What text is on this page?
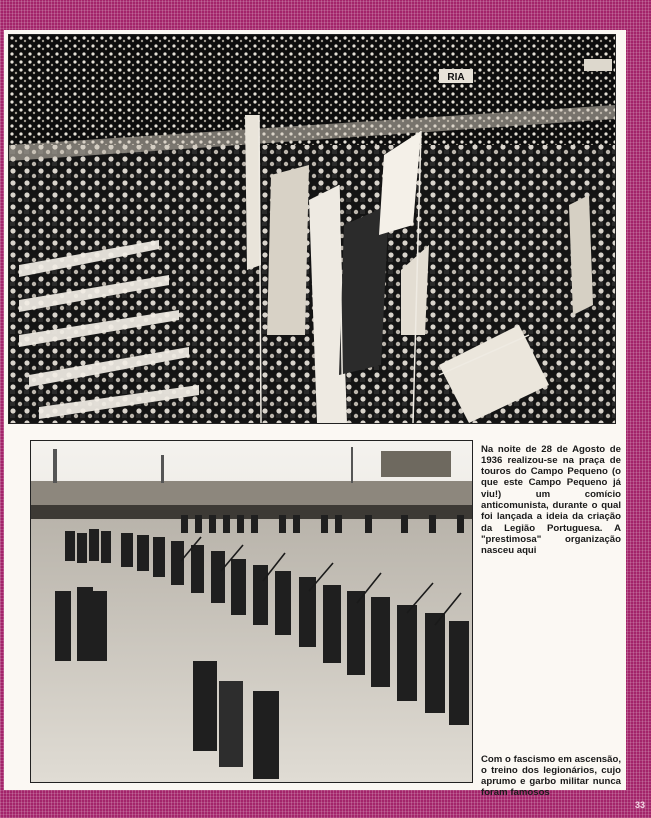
RIA

Na noite de 28 de Agosto de 1936 realizou-se na praça de touros do Campo Pequeno (o que este Campo Pequeno já viu!) um comício anticomunista, durante o qual foi lançada a ideia da criação da Legião Portuguesa. A "prestimosa" organização nasceu aqui

Com o fascismo em ascensão, o treino dos legionários, cujo aprumo e garbo militar nunca foram famosos

33
